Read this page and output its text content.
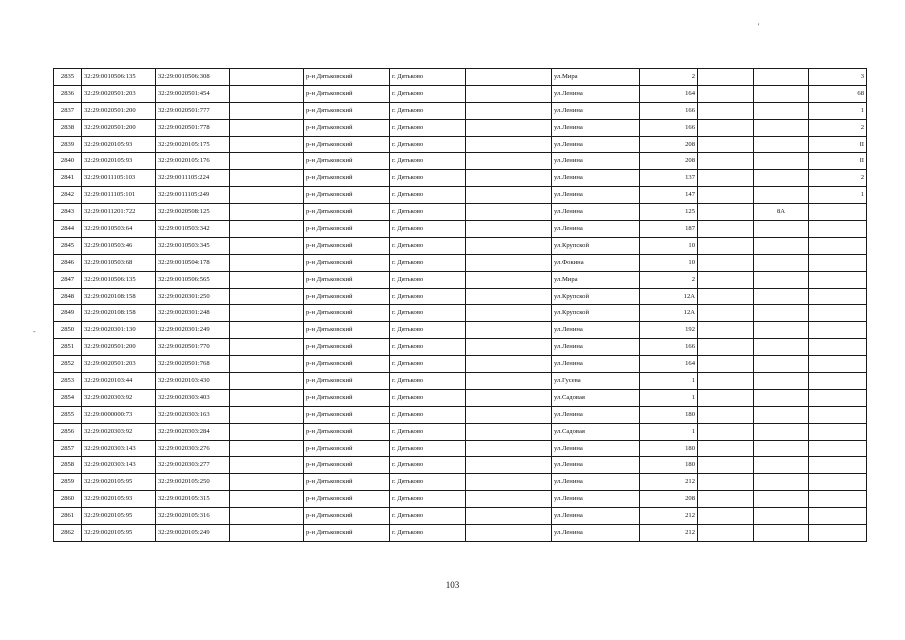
'
-
2835	32:29:0010506:135	32:29:0010506:308		р-н Дятьковский	г. Дятьково		ул.Мира	2			3
2836	32:29:0020501:203	32:29:0020501:454		р-н Дятьковский	г. Дятьково		ул.Ленина	164			68
2837	32:29:0020501:200	32:29:0020501:777		р-н Дятьковский	г. Дятьково		ул.Ленина	166			1
2838	32:29:0020501:200	32:29:0020501:778		р-н Дятьковский	г. Дятьково		ул.Ленина	166			2
2839	32:29:0020105:93	32:29:0020105:175		р-н Дятьковский	г. Дятьково		ул.Ленина	208			II
2840	32:29:0020105:93	32:29:0020105:176		р-н Дятьковский	г. Дятьково		ул.Ленина	208			II
2841	32:29:0011105:103	32:29:0011105:224		р-н Дятьковский	г. Дятьково		ул.Ленина	137			2
2842	32:29:0011105:101	32:29:0011105:249		р-н Дятьковский	г. Дятьково		ул.Ленина	147			1
2843	32:29:0011201:722	32:29:0020508:125		р-н Дятьковский	г. Дятьково		ул.Ленина	125		8А	
2844	32:29:0010503:64	32:29:0010503:342		р-н Дятьковский	г. Дятьково		ул.Ленина	187			
2845	32:29:0010503:46	32:29:0010503:345		р-н Дятьковский	г. Дятьково		ул.Крупской	10			
2846	32:29:0010503:68	32:29:0010504:178		р-н Дятьковский	г. Дятьково		ул.Фокина	10			
2847	32:29:0010506:135	32:29:0010506:565		р-н Дятьковский	г. Дятьково		ул.Мира	2			
2848	32:29:0020108:158	32:29:0020301:250		р-н Дятьковский	г. Дятьково		ул.Крупской	12А			
2849	32:29:0020108:158	32:29:0020301:248		р-н Дятьковский	г. Дятьково		ул.Крупской	12А			
2850	32:29:0020301:130	32:29:0020301:249		р-н Дятьковский	г. Дятьково		ул.Ленина	192			
2851	32:29:0020501:200	32:29:0020501:770		р-н Дятьковский	г. Дятьково		ул.Ленина	166			
2852	32:29:0020501:203	32:29:0020501:768		р-н Дятьковский	г. Дятьково		ул.Ленина	164			
2853	32:29:0020103:44	32:29:0020103:430		р-н Дятьковский	г. Дятьково		ул.Гусева	1			
2854	32:29:0020303:92	32:29:0020303:403		р-н Дятьковский	г. Дятьково		ул.Садовая	1			
2855	32:29:0000000:73	32:29:0020303:163		р-н Дятьковский	г. Дятьково		ул.Ленина	180			
2856	32:29:0020303:92	32:29:0020303:284		р-н Дятьковский	г. Дятьково		ул.Садовая	1			
2857	32:29:0020303:143	32:29:0020303:276		р-н Дятьковский	г. Дятьково		ул.Ленина	180			
2858	32:29:0020303:143	32:29:0020303:277		р-н Дятьковский	г. Дятьково		ул.Ленина	180			
2859	32:29:0020105:95	32:29:0020105:250		р-н Дятьковский	г. Дятьково		ул.Ленина	212			
2860	32:29:0020105:93	32:29:0020105:315		р-н Дятьковский	г. Дятьково		ул.Ленина	208			
2861	32:29:0020105:95	32:29:0020105:316		р-н Дятьковский	г. Дятьково		ул.Ленина	212			
2862	32:29:0020105:95	32:29:0020105:249		р-н Дятьковский	г. Дятьково		ул.Ленина	212			
103
